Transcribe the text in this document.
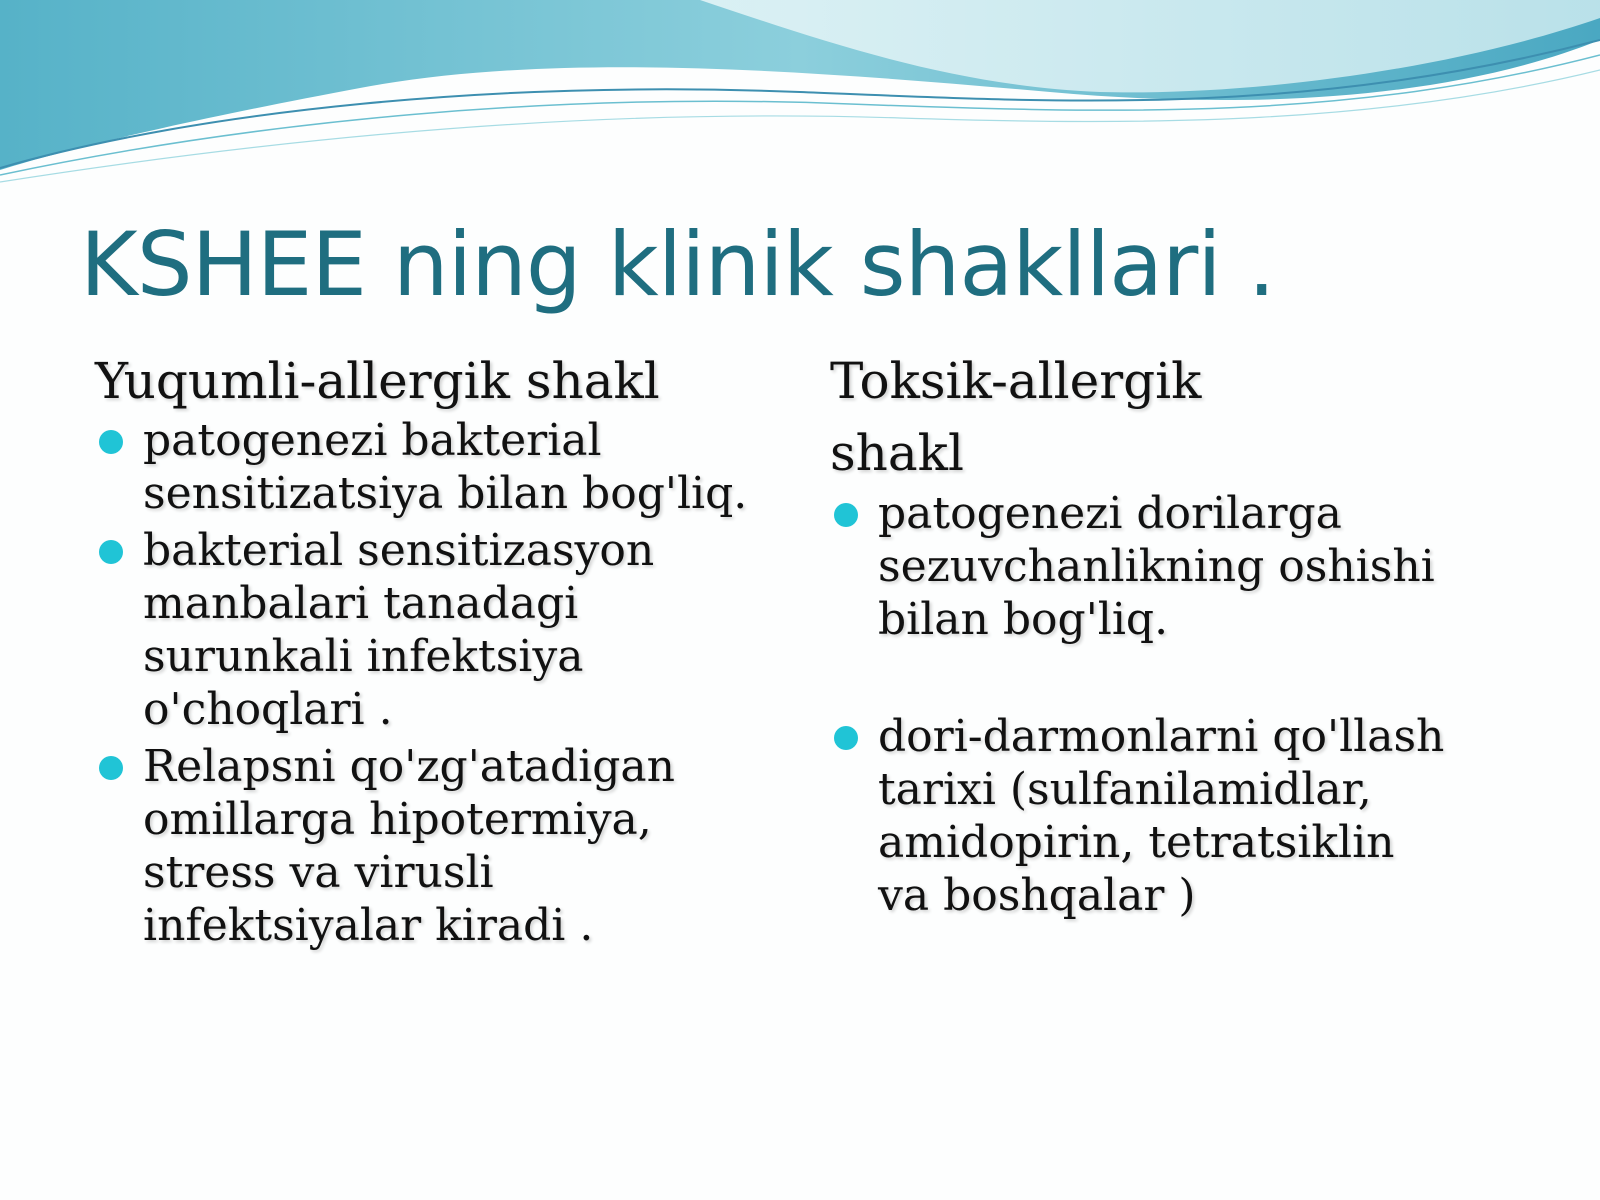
KSHEE ning klinik shakllari .

Yuqumli-allergik shakl

patogenezi bakterial sensitizatsiya bilan bog'liq.
bakterial sensitizasyon manbalari tanadagi surunkali infektsiya o'choqlari .
Relapsni qo'zg'atadigan omillarga hipotermiya, stress va virusli infektsiyalar kiradi .

Toksik-allergik

shakl

patogenezi dorilarga sezuvchanlikning oshishi bilan bog'liq.
dori-darmonlarni qo'llash tarixi (sulfanilamidlar, amidopirin, tetratsiklin va boshqalar )
